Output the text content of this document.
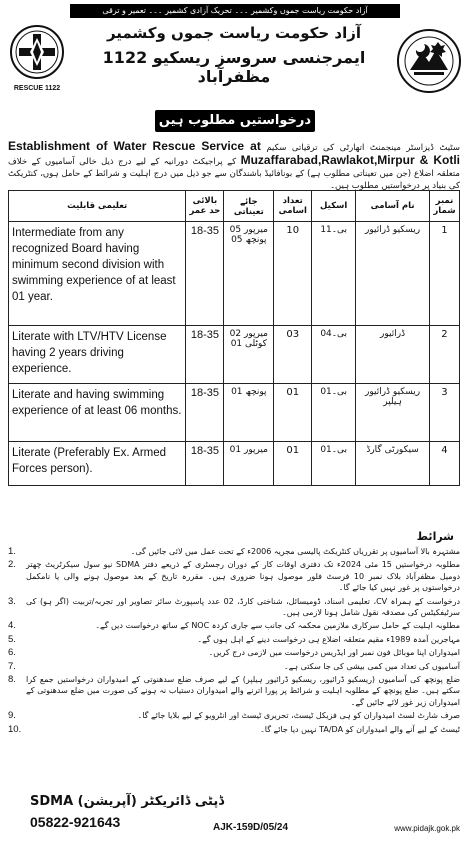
آزاد حکومت ریاست جموں وکشمیر ۔۔۔ تحریک آزادی کشمیر ۔۔۔ تعمیر و ترقی
RESCUE 1122
آزاد حکومت ریاست جموں وکشمیر
ایمرجنسی سروسز ریسکیو 1122 مظفرآباد
درخواستیں مطلوب ہیں
سٹیٹ ڈیزاسٹر مینجمنٹ اتھارٹی کی ترقیاتی سکیم Establishment of Water Rescue Service at Muzaffarabad,Rawlakot,Mirpur & Kotli کے پراجیکٹ دورانیہ کے لیے درج ذیل خالی آسامیوں کے خلاف متعلقہ اضلاع (جن میں تعیناتی مطلوب ہے) کے بونافائیڈ باشندگان سے جو ذیل میں درج اہلیت و شرائط کے حامل ہوں، کنٹریکٹ کی بنیاد پر درخواستیں مطلوب ہیں۔
تعلیمی قابلیت	بالائی حد عمر	جائے تعیناتی	تعداد اسامی	اسکیل	نام آسامی	نمبر شمار
Intermediate from any recognized Board having minimum second division with swimming experience of at least 01 year.	18-35	میرپور 05 پونچھ 05	10	بی۔11	ریسکیو ڈرائیور	1
Literate with LTV/HTV License having 2 years driving experience.	18-35	میرپور 02 کوٹلی 01	03	بی۔04	ڈرائیور	2
Literate and having swimming experience of at least 06 months.	18-35	پونچھ 01	01	بی۔01	ریسکیو ڈرائیور ہیلپر	3
Literate (Preferably Ex. Armed Forces person).	18-35	میرپور 01	01	بی۔01	سیکورٹی گارڈ	4
شرائط
مشتہرہ بالا آسامیوں پر تقرریاں کنٹریکٹ پالیسی مجریہ 2006ء کے تحت عمل میں لائی جائیں گی۔
1.
مطلوبہ درخواستیں 15 مئی 2024ء تک دفتری اوقات کار کے دوران رجسٹری کے ذریعے دفتر SDMA نیو سول سیکرٹریٹ چھتر دومیل مظفرآباد بلاک نمبر 10 فرسٹ فلور موصول ہونا ضروری ہیں۔ مقررہ تاریخ کے بعد موصول ہونے والی یا نامکمل درخواستوں پر غور نہیں کیا جائے گا۔
2.
درخواست کے ہمراہ CV، تعلیمی اسناد، ڈومیسائل، شناختی کارڈ، 02 عدد پاسپورٹ سائز تصاویر اور تجربہ/تربیت (اگر ہو) کی سرٹیفکیٹس کی مصدقہ نقول شامل ہونا لازمی ہیں۔
3.
مطلوبہ اہلیت کے حامل سرکاری ملازمین محکمہ کی جانب سے جاری کردہ NOC کے ساتھ درخواست دیں گے۔
4.
مہاجرین آمدہ 1989ء مقیم متعلقہ اضلاع ہی درخواست دینے کے اہل ہوں گے۔
5.
امیدواران اپنا موبائل فون نمبر اور ایڈریس درخواست میں لازمی درج کریں۔
6.
آسامیوں کی تعداد میں کمی بیشی کی جا سکتی ہے۔
7.
ضلع پونچھ کی آسامیوں (ریسکیو ڈرائیور، ریسکیو ڈرائیور ہیلپر) کے لیے صرف ضلع سدھنوتی کے امیدواران درخواستیں جمع کرا سکتے ہیں۔ ضلع پونچھ کے مطلوبہ اہلیت و شرائط پر پورا اترنے والے امیدواران دستیاب نہ ہونے کی صورت میں ضلع سدھنوتی کے امیدواران زیر غور لائے جائیں گے۔
8.
صرف شارٹ لسٹ امیدواران کو ہی فزیکل ٹیسٹ، تحریری ٹیسٹ اور انٹرویو کے لیے بلایا جائے گا۔
9.
ٹیسٹ کے لیے آنے والے امیدواران کو TA/DA نہیں دیا جائے گا۔
10.
ڈپٹی ڈائریکٹر (آپریشن) SDMA
05822-921643	AJK-159D/05/24	www.pidajk.gok.pk
